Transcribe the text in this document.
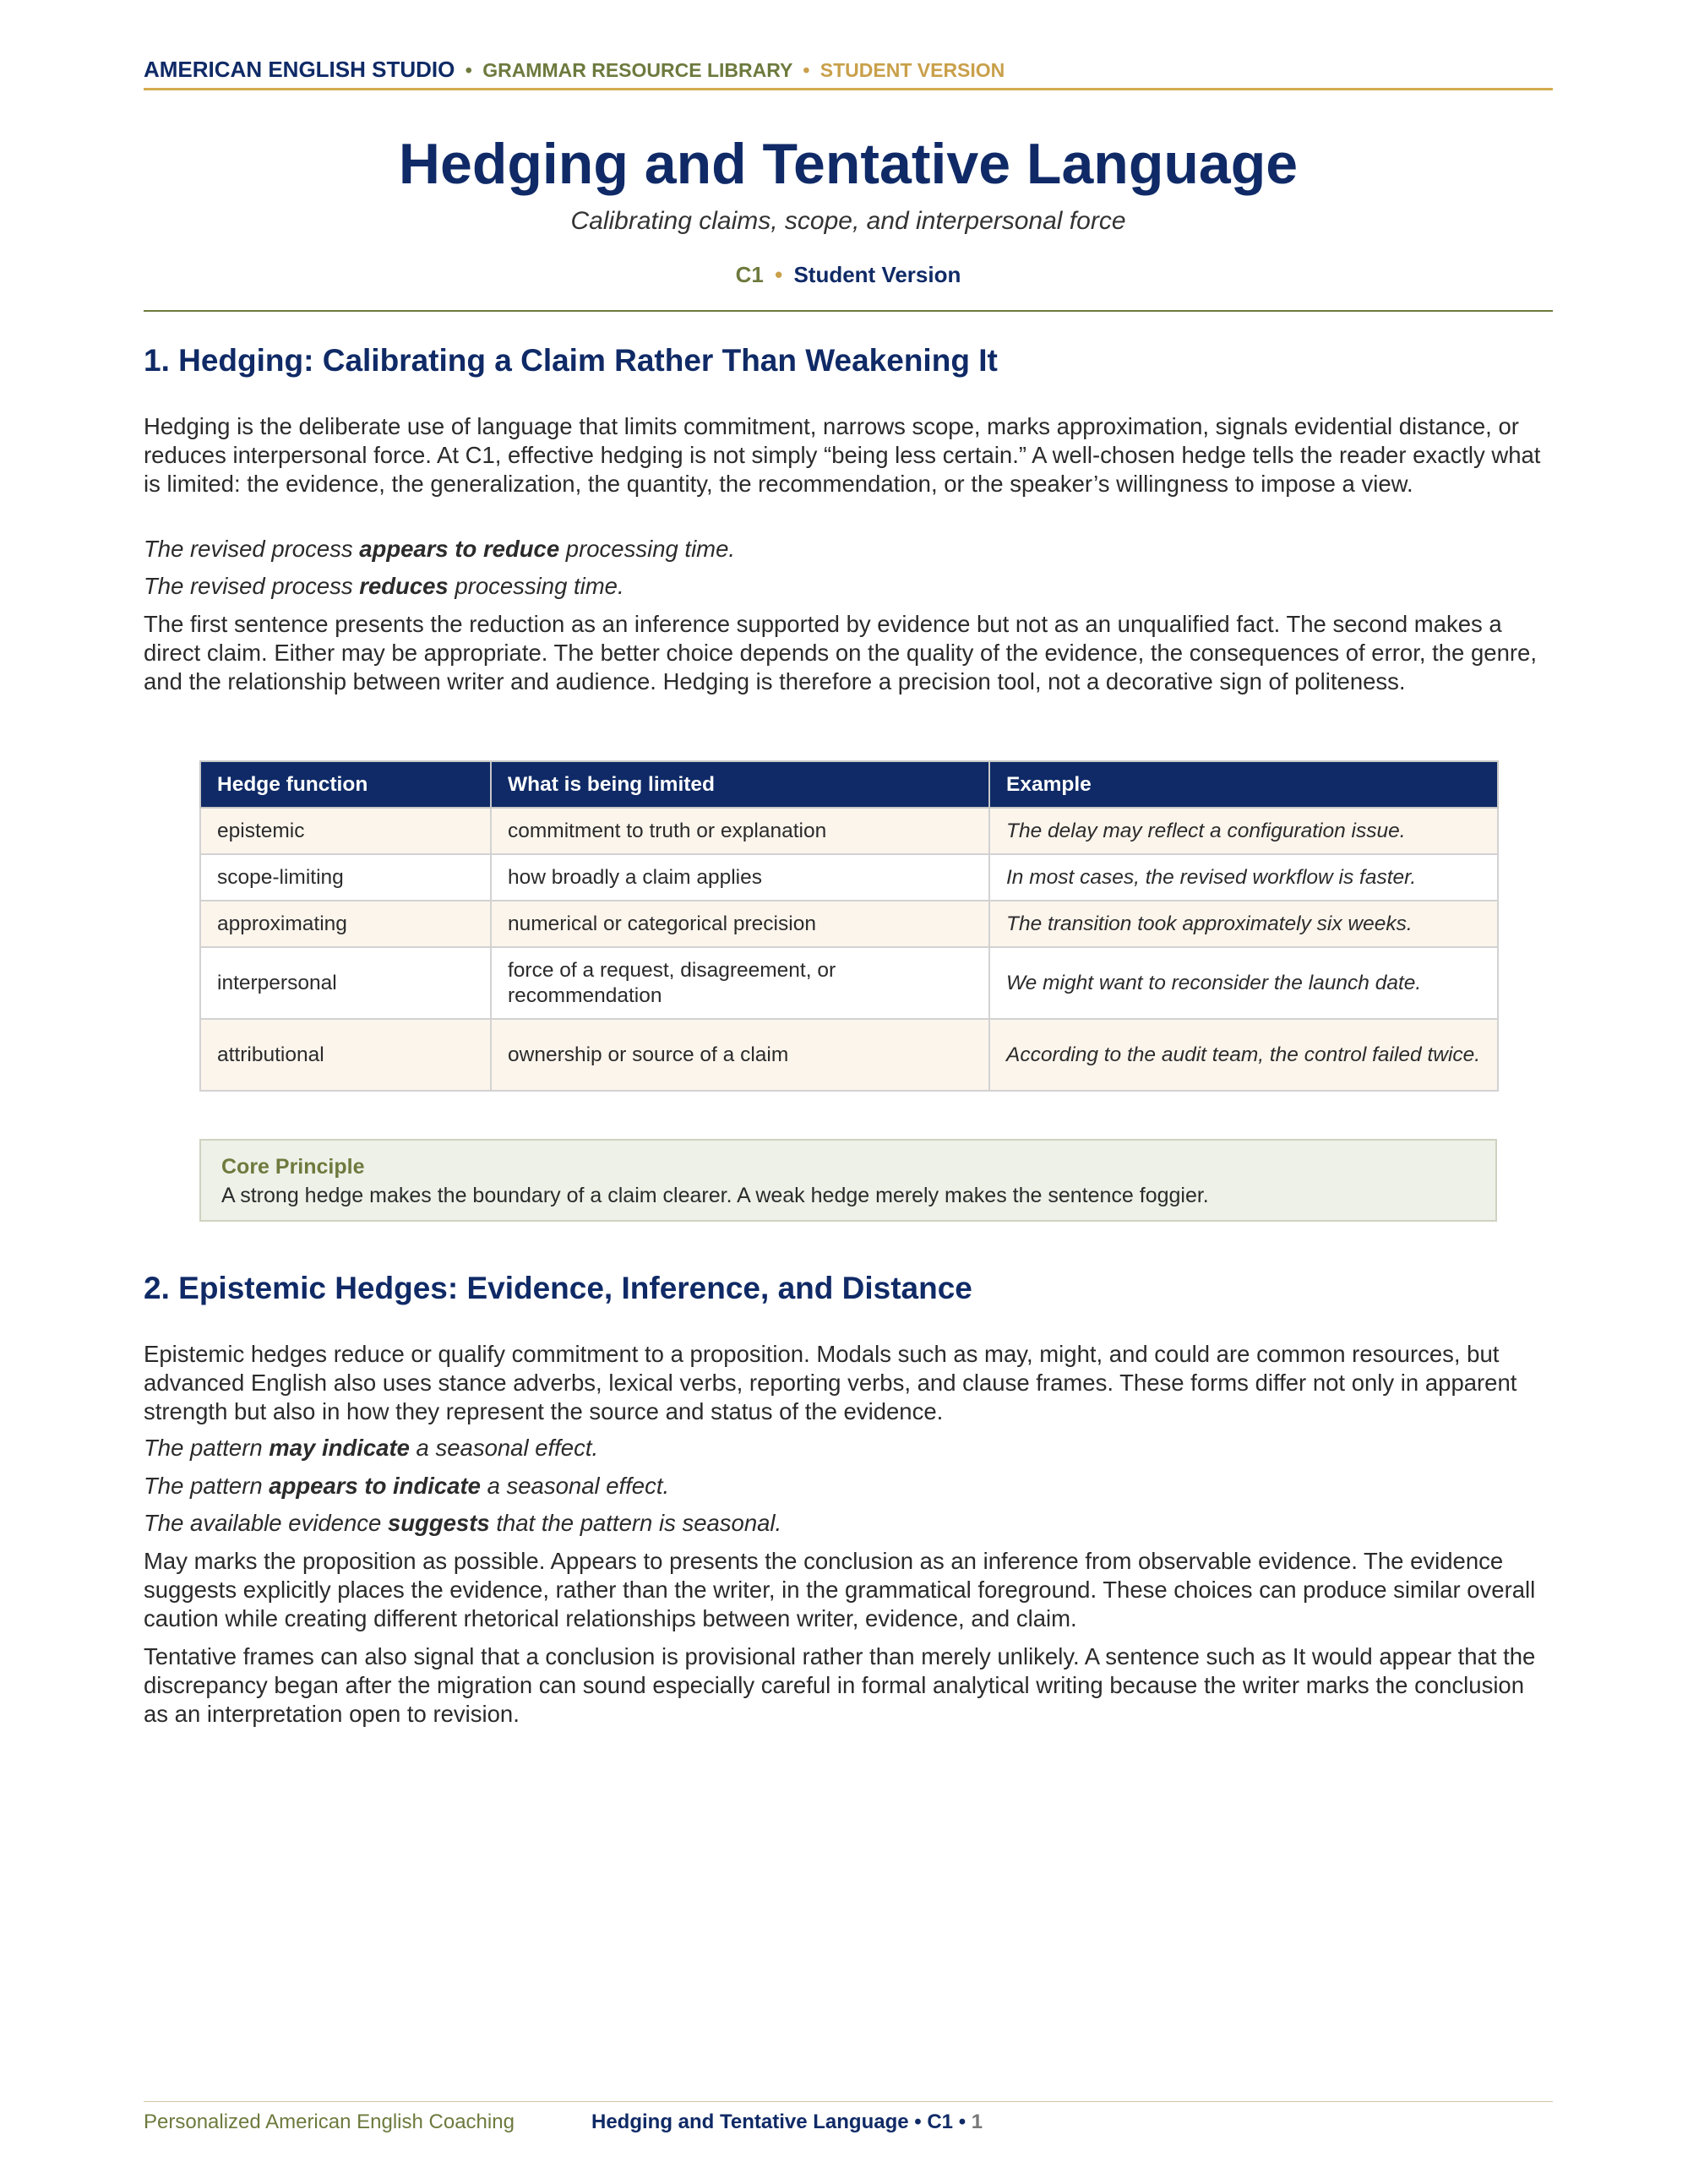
AMERICAN ENGLISH STUDIO • GRAMMAR RESOURCE LIBRARY • STUDENT VERSION
Hedging and Tentative Language
Calibrating claims, scope, and interpersonal force
C1 • Student Version
1. Hedging: Calibrating a Claim Rather Than Weakening It

Hedging is the deliberate use of language that limits commitment, narrows scope, marks approximation, signals evidential distance, or reduces interpersonal force. At C1, effective hedging is not simply “being less certain.” A well-chosen hedge tells the reader exactly what is limited: the evidence, the generalization, the quantity, the recommendation, or the speaker’s willingness to impose a view.

The revised process appears to reduce processing time.

The revised process reduces processing time.

The first sentence presents the reduction as an inference supported by evidence but not as an unqualified fact. The second makes a direct claim. Either may be appropriate. The better choice depends on the quality of the evidence, the consequences of error, the genre, and the relationship between writer and audience. Hedging is therefore a precision tool, not a decorative sign of politeness.

Hedge function	What is being limited	Example
epistemic	commitment to truth or explanation	The delay may reflect a configuration issue.
scope-limiting	how broadly a claim applies	In most cases, the revised workflow is faster.
approximating	numerical or categorical precision	The transition took approximately six weeks.
interpersonal	force of a request, disagreement, or recommendation	We might want to reconsider the launch date.
attributional	ownership or source of a claim	According to the audit team, the control failed twice.
Core Principle
A strong hedge makes the boundary of a claim clearer. A weak hedge merely makes the sentence foggier.
2. Epistemic Hedges: Evidence, Inference, and Distance

Epistemic hedges reduce or qualify commitment to a proposition. Modals such as may, might, and could are common resources, but advanced English also uses stance adverbs, lexical verbs, reporting verbs, and clause frames. These forms differ not only in apparent strength but also in how they represent the source and status of the evidence.

The pattern may indicate a seasonal effect.

The pattern appears to indicate a seasonal effect.

The available evidence suggests that the pattern is seasonal.

May marks the proposition as possible. Appears to presents the conclusion as an inference from observable evidence. The evidence suggests explicitly places the evidence, rather than the writer, in the grammatical foreground. These choices can produce similar overall caution while creating different rhetorical relationships between writer, evidence, and claim.

Tentative frames can also signal that a conclusion is provisional rather than merely unlikely. A sentence such as It would appear that the discrepancy began after the migration can sound especially careful in formal analytical writing because the writer marks the conclusion as an interpretation open to revision.

Personalized American English Coaching	Hedging and Tentative Language • C1 • 1
